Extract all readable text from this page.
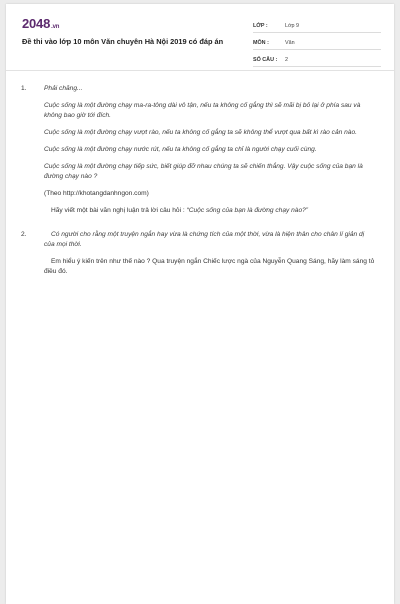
2048.vn
Đề thi vào lớp 10 môn Văn chuyên Hà Nội 2019 có đáp án
LỚP :	Lớp 9
MÔN :	Văn
SỐ CÂU :	2
1.	Phải chăng...

Cuộc sống là một đường chạy ma-ra-tông dài vô tận, nếu ta không cố gắng thì sẽ mãi bị bỏ lại ở phía sau và không bao giờ tới đích.

Cuộc sống là một đường chạy vượt rào, nếu ta không cố gắng ta sẽ không thể vượt qua bất kì rào cản nào.

Cuộc sống là một đường chạy nước rút, nếu ta không cố gắng ta chỉ là người chạy cuối cùng.

Cuộc sống là một đường chạy tiếp sức, biết giúp đỡ nhau chúng ta sẽ chiến thắng. Vậy cuộc sống của bạn là đường chạy nào ?

(Theo http://khotangdanhngon.com)

Hãy viết một bài văn nghị luận trả lời câu hỏi : “Cuộc sống của bạn là đường chạy nào?”

2.	Có người cho rằng một truyện ngắn hay vừa là chứng tích của một thời, vừa là hiện thân cho chân lí giản dị của mọi thời.

Em hiểu ý kiến trên như thế nào ? Qua truyện ngắn Chiếc lược ngà của Nguyễn Quang Sáng, hãy làm sáng tỏ điều đó.
